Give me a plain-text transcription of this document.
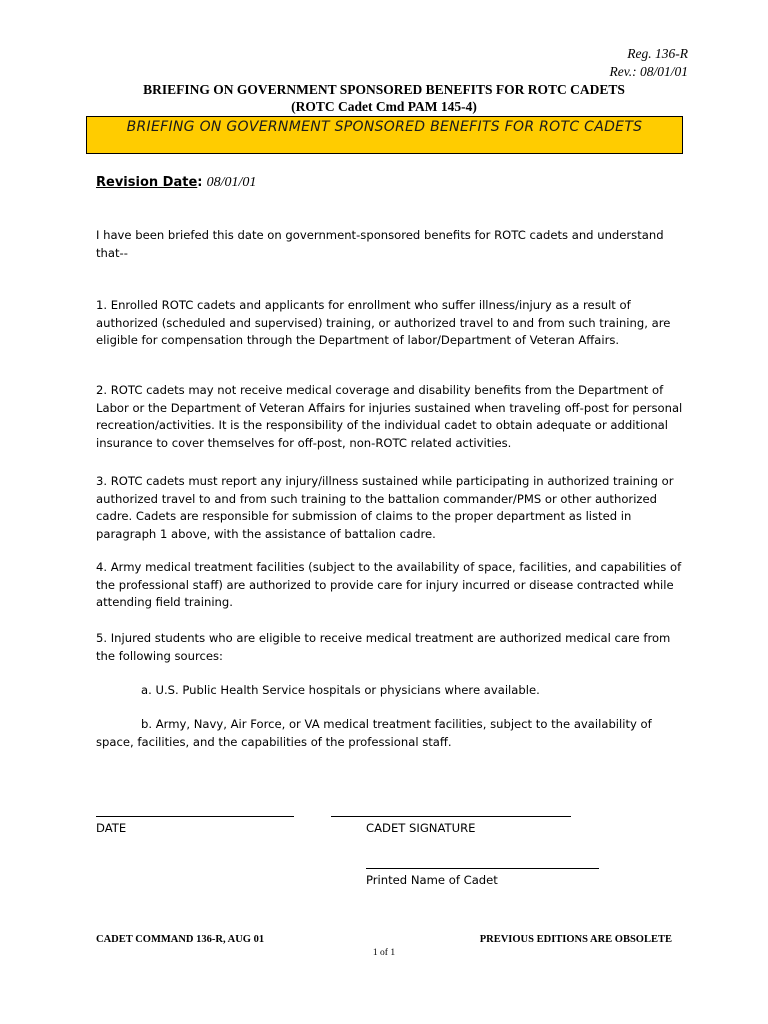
Reg. 136-R
Rev.: 08/01/01
BRIEFING ON GOVERNMENT SPONSORED BENEFITS FOR ROTC CADETS
(ROTC Cadet Cmd PAM 145-4)
BRIEFING ON GOVERNMENT SPONSORED BENEFITS FOR ROTC CADETS
Revision Date: 08/01/01
I have been briefed this date on government-sponsored benefits for ROTC cadets and understand that--
1. Enrolled ROTC cadets and applicants for enrollment who suffer illness/injury as a result of authorized (scheduled and supervised) training, or authorized travel to and from such training, are eligible for compensation through the Department of labor/Department of Veteran Affairs.
2. ROTC cadets may not receive medical coverage and disability benefits from the Department of Labor or the Department of Veteran Affairs for injuries sustained when traveling off-post for personal recreation/activities. It is the responsibility of the individual cadet to obtain adequate or additional insurance to cover themselves for off-post, non-ROTC related activities.
3. ROTC cadets must report any injury/illness sustained while participating in authorized training or authorized travel to and from such training to the battalion commander/PMS or other authorized cadre. Cadets are responsible for submission of claims to the proper department as listed in paragraph 1 above, with the assistance of battalion cadre.
4. Army medical treatment facilities (subject to the availability of space, facilities, and capabilities of the professional staff) are authorized to provide care for injury incurred or disease contracted while attending field training.
5. Injured students who are eligible to receive medical treatment are authorized medical care from the following sources:
a. U.S. Public Health Service hospitals or physicians where available.
b. Army, Navy, Air Force, or VA medical treatment facilities, subject to the availability of space, facilities, and the capabilities of the professional staff.
DATE	CADET SIGNATURE
Printed Name of Cadet
CADET COMMAND 136-R, AUG 01	PREVIOUS EDITIONS ARE OBSOLETE
1 of 1
